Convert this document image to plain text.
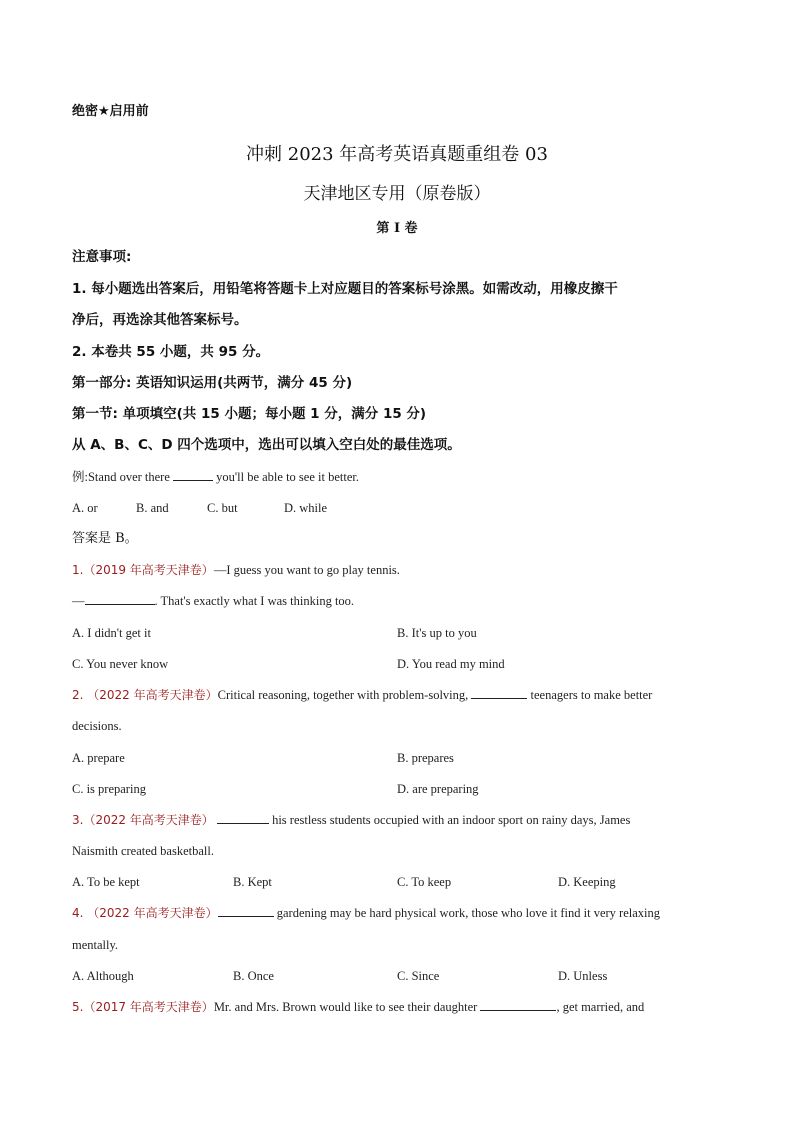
绝密★启用前
冲刺 2023 年高考英语真题重组卷 03
天津地区专用（原卷版）
第 I 卷
注意事项:
1. 每小题选出答案后，用铅笔将答题卡上对应题目的答案标号涂黑。如需改动，用橡皮擦干
净后，再选涂其他答案标号。
2. 本卷共 55 小题，共 95 分。
第一部分: 英语知识运用(共两节，满分 45 分)
第一节: 单项填空(共 15 小题；每小题 1 分，满分 15 分)
从 A、B、C、D 四个选项中，选出可以填入空白处的最佳选项。
例:Stand over there	you'll be able to see it better.
A. or	B. and	C. but	D. while
答案是 B。
1.（2019 年高考天津卷）—I guess you want to go play tennis.
—	. That's exactly what I was thinking too.
A. I didn't get it	B. It's up to you
C. You never know	D. You read my mind
2. （2022 年高考天津卷）Critical reasoning, together with problem-solving,	teenagers to make better
decisions.
A. prepare	B. prepares
C. is preparing	D. are preparing
3.（2022 年高考天津卷）	his restless students occupied with an indoor sport on rainy days, James
Naismith created basketball.
A. To be kept	B. Kept	C. To keep	D. Keeping
4. （2022 年高考天津卷）	gardening may be hard physical work, those who love it find it very relaxing
mentally.
A. Although	B. Once	C. Since	D. Unless
5.（2017 年高考天津卷）Mr. and Mrs. Brown would like to see their daughter	, get married, and
